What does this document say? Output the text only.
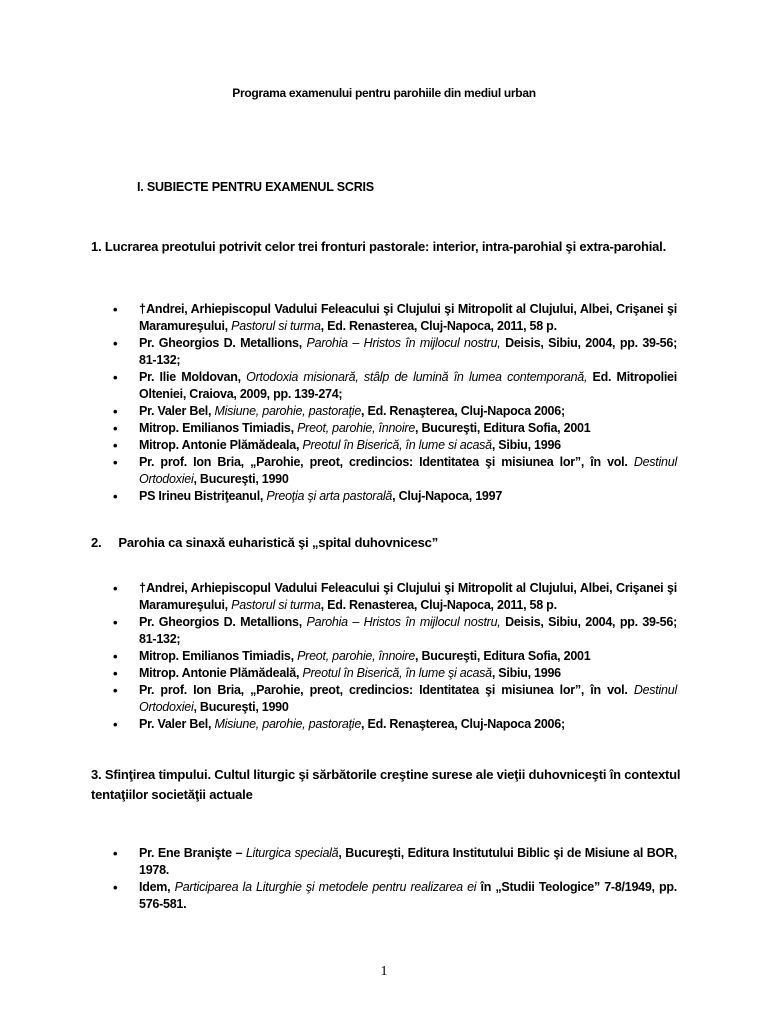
Programa examenului pentru parohiile din mediul urban
I. SUBIECTE PENTRU EXAMENUL SCRIS
1. Lucrarea preotului potrivit celor trei fronturi pastorale: interior, intra-parohial şi extra-parohial.
• †Andrei, Arhiepiscopul Vadului Feleacului şi Clujului şi Mitropolit al Clujului, Albei, Crişanei şi Maramureşului, Pastorul si turma, Ed. Renasterea, Cluj-Napoca, 2011, 58 p.
• Pr. Gheorgios D. Metallions, Parohia – Hristos în mijlocul nostru, Deisis, Sibiu, 2004, pp. 39-56; 81-132;
• Pr. Ilie Moldovan, Ortodoxia misionară, stâlp de lumină în lumea contemporană, Ed. Mitropoliei Olteniei, Craiova, 2009, pp. 139-274;
• Pr. Valer Bel, Misiune, parohie, pastoraţie, Ed. Renaşterea, Cluj-Napoca 2006;
• Mitrop. Emilianos Timiadis, Preot, parohie, înnoire, Bucureşti, Editura Sofia, 2001
• Mitrop. Antonie Plămădeala, Preotul în Biserică, în lume si acasă, Sibiu, 1996
• Pr. prof. Ion Bria, „Parohie, preot, credincios: Identitatea şi misiunea lor”, în vol. Destinul Ortodoxiei, Bucureşti, 1990
• PS Irineu Bistriţeanul, Preoţia şi arta pastorală, Cluj-Napoca, 1997
2. Parohia ca sinaxă euharistică şi „spital duhovnicesc”
• †Andrei, Arhiepiscopul Vadului Feleacului şi Clujului şi Mitropolit al Clujului, Albei, Crişanei şi Maramureşului, Pastorul si turma, Ed. Renasterea, Cluj-Napoca, 2011, 58 p.
• Pr. Gheorgios D. Metallions, Parohia – Hristos în mijlocul nostru, Deisis, Sibiu, 2004, pp. 39-56; 81-132;
• Mitrop. Emilianos Timiadis, Preot, parohie, înnoire, Bucureşti, Editura Sofia, 2001
• Mitrop. Antonie Plămădeală, Preotul în Biserică, în lume şi acasă, Sibiu, 1996
• Pr. prof. Ion Bria, „Parohie, preot, credincios: Identitatea şi misiunea lor”, în vol. Destinul Ortodoxiei, Bucureşti, 1990
• Pr. Valer Bel, Misiune, parohie, pastoraţie, Ed. Renaşterea, Cluj-Napoca 2006;
3. Sfinţirea timpului. Cultul liturgic şi sărbătorile creştine surese ale vieţii duhovniceşti în contextul tentaţiilor societăţii actuale
• Pr. Ene Branişte – Liturgica specială, Bucureşti, Editura Institutului Biblic şi de Misiune al BOR, 1978.
• Idem, Participarea la Liturghie şi metodele pentru realizarea ei în „Studii Teologice” 7-8/1949, pp. 576-581.
1
